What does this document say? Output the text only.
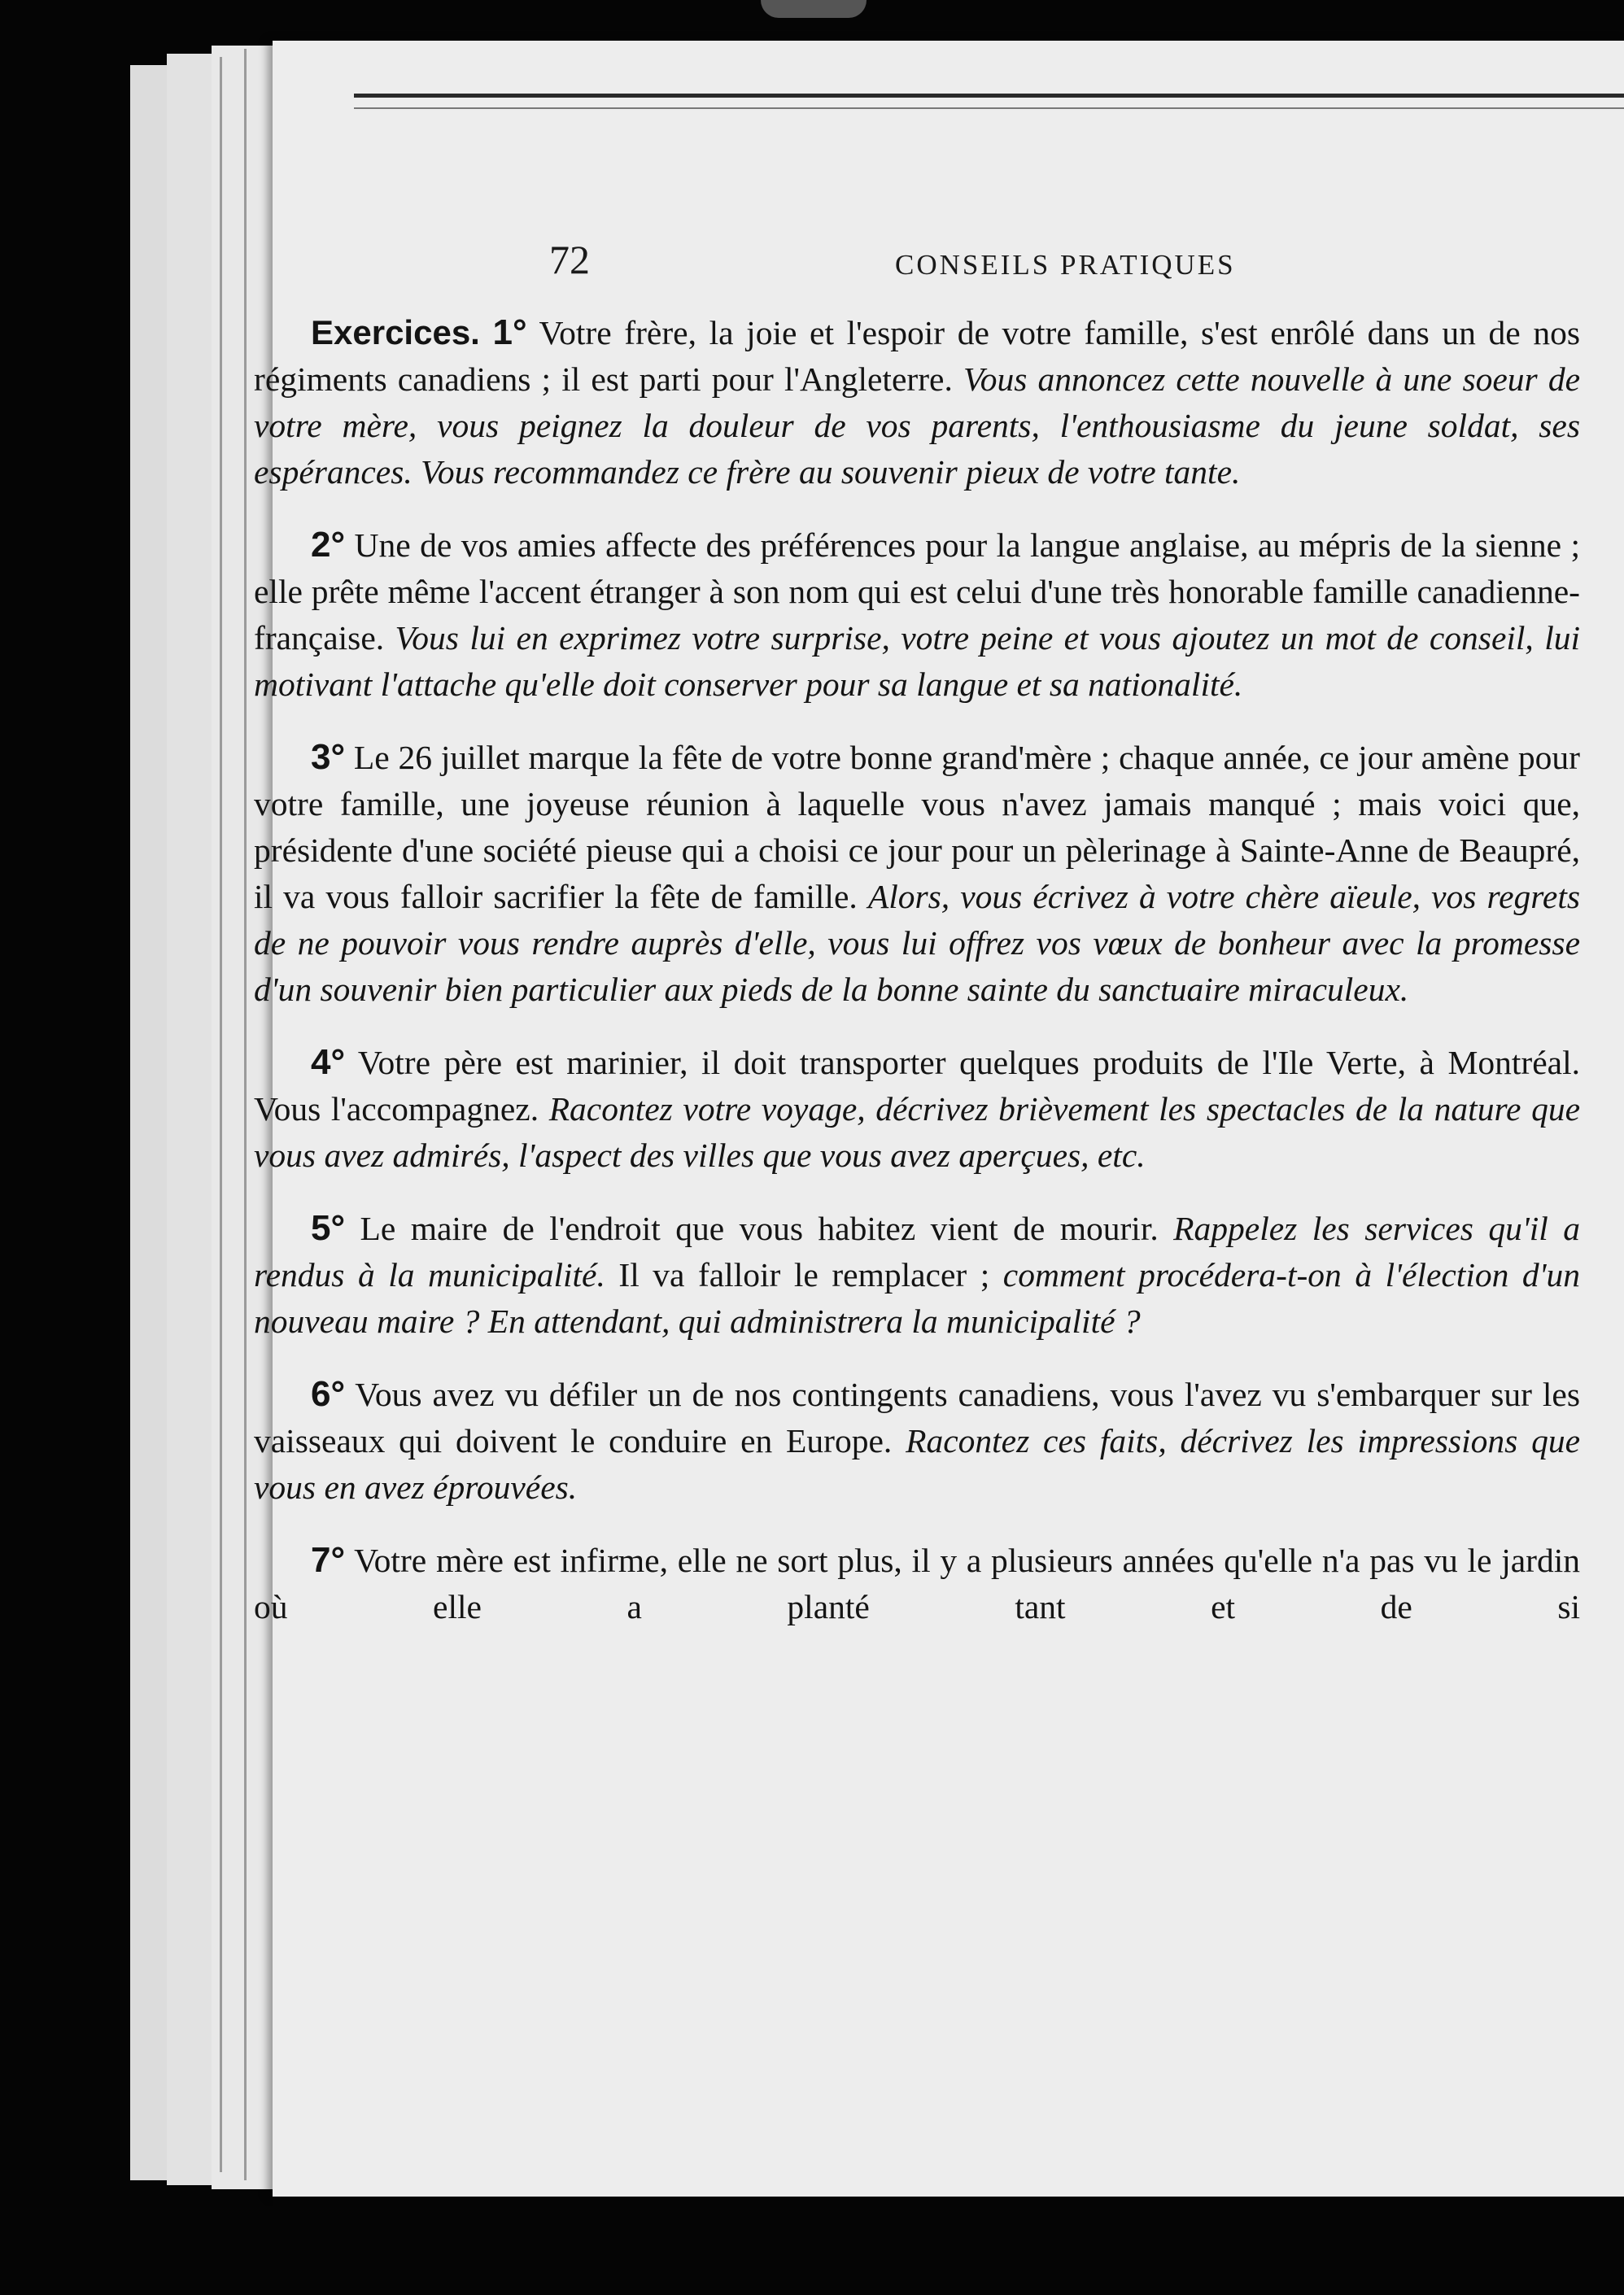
72	CONSEILS PRATIQUES

Exercices. 1° Votre frère, la joie et l'espoir de votre famille, s'est enrôlé dans un de nos régiments canadiens ; il est parti pour l'Angleterre. Vous annoncez cette nouvelle à une soeur de votre mère, vous peignez la douleur de vos parents, l'enthousiasme du jeune soldat, ses espérances. Vous recommandez ce frère au souvenir pieux de votre tante.

2° Une de vos amies affecte des préférences pour la langue anglaise, au mépris de la sienne ; elle prête même l'accent étranger à son nom qui est celui d'une très honorable famille canadienne-française. Vous lui en exprimez votre surprise, votre peine et vous ajoutez un mot de conseil, lui motivant l'attache qu'elle doit conserver pour sa langue et sa nationalité.

3° Le 26 juillet marque la fête de votre bonne grand'mère ; chaque année, ce jour amène pour votre famille, une joyeuse réunion à laquelle vous n'avez jamais manqué ; mais voici que, présidente d'une société pieuse qui a choisi ce jour pour un pèlerinage à Sainte-Anne de Beaupré, il va vous falloir sacrifier la fête de famille. Alors, vous écrivez à votre chère aïeule, vos regrets de ne pouvoir vous rendre auprès d'elle, vous lui offrez vos vœux de bonheur avec la promesse d'un souvenir bien particulier aux pieds de la bonne sainte du sanctuaire miraculeux.

4° Votre père est marinier, il doit transporter quelques produits de l'Ile Verte, à Montréal. Vous l'accompagnez. Racontez votre voyage, décrivez brièvement les spectacles de la nature que vous avez admirés, l'aspect des villes que vous avez aperçues, etc.

5° Le maire de l'endroit que vous habitez vient de mourir. Rappelez les services qu'il a rendus à la municipalité. Il va falloir le remplacer ; comment procédera-t-on à l'élection d'un nouveau maire ? En attendant, qui administrera la municipalité ?

6° Vous avez vu défiler un de nos contingents canadiens, vous l'avez vu s'embarquer sur les vaisseaux qui doivent le conduire en Europe. Racontez ces faits, décrivez les impressions que vous en avez éprouvées.

7° Votre mère est infirme, elle ne sort plus, il y a plusieurs années qu'elle n'a pas vu le jardin où elle a planté tant et de si
